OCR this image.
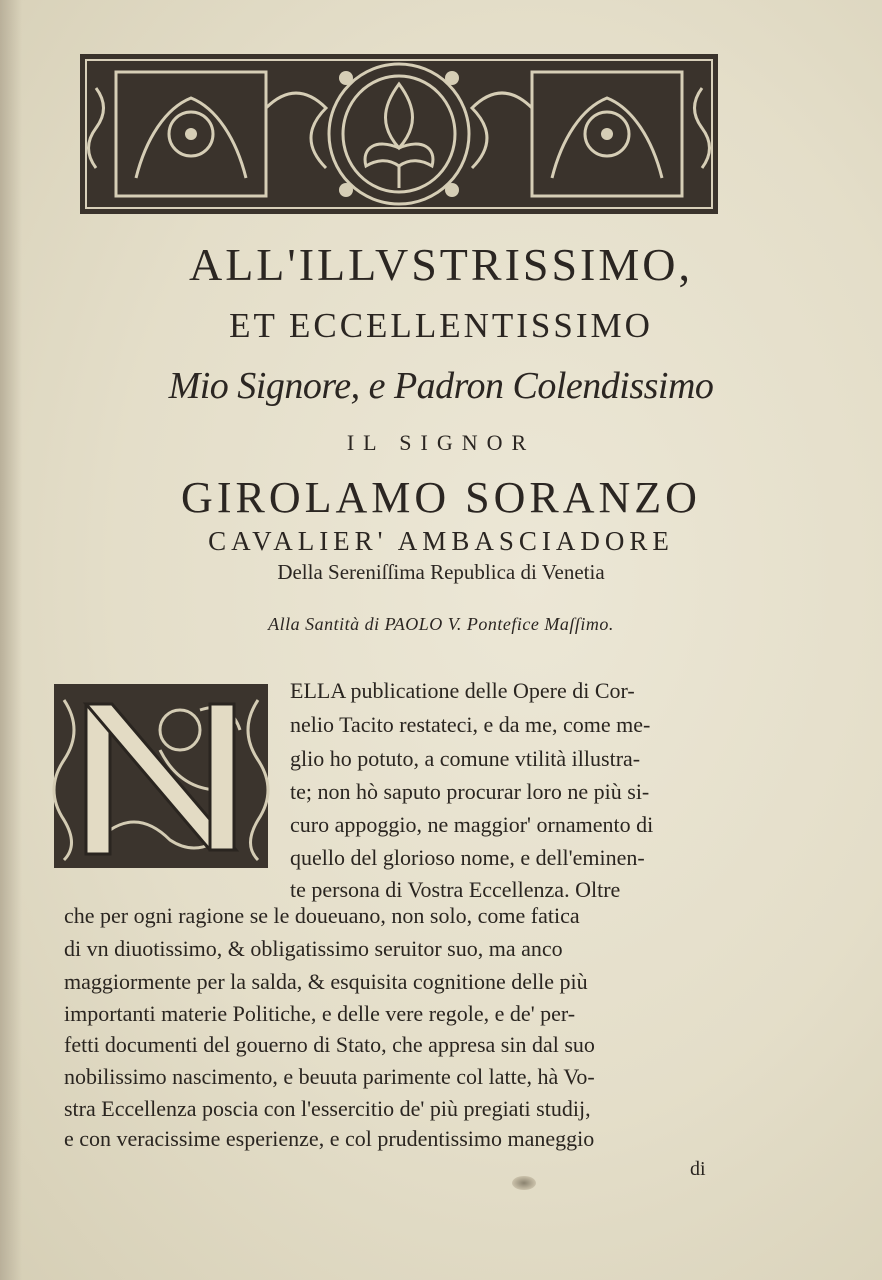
ALL'ILLVSTRISSIMO,
ET ECCELLENTISSIMO
Mio Signore, e Padron Colendissimo
IL SIGNOR
GIROLAMO SORANZO
CAVALIER' AMBASCIADORE
Della Sereniſſima Republica di Venetia
Alla Santità di PAOLO V. Pontefice Maſſimo.
N	ELLA publicatione delle Opere di Cor-
nelio Tacito restateci, e da me, come me-
glio ho potuto, a comune vtilità illustra-
te; non hò saputo procurar loro ne più si-
curo appoggio, ne maggior' ornamento di
quello del glorioso nome, e dell'eminen-
te persona di Vostra Eccellenza. Oltre
che per ogni ragione se le doueuano, non solo, come fatica
di vn diuotissimo, & obligatissimo seruitor suo, ma anco
maggiormente per la salda, & esquisita cognitione delle più
importanti materie Politiche, e delle vere regole, e de' per-
fetti documenti del gouerno di Stato, che appresa sin dal suo
nobilissimo nascimento, e beuuta parimente col latte, hà Vo-
stra Eccellenza poscia con l'essercitio de' più pregiati studij,
e con veracissime esperienze, e col prudentissimo maneggio
di
